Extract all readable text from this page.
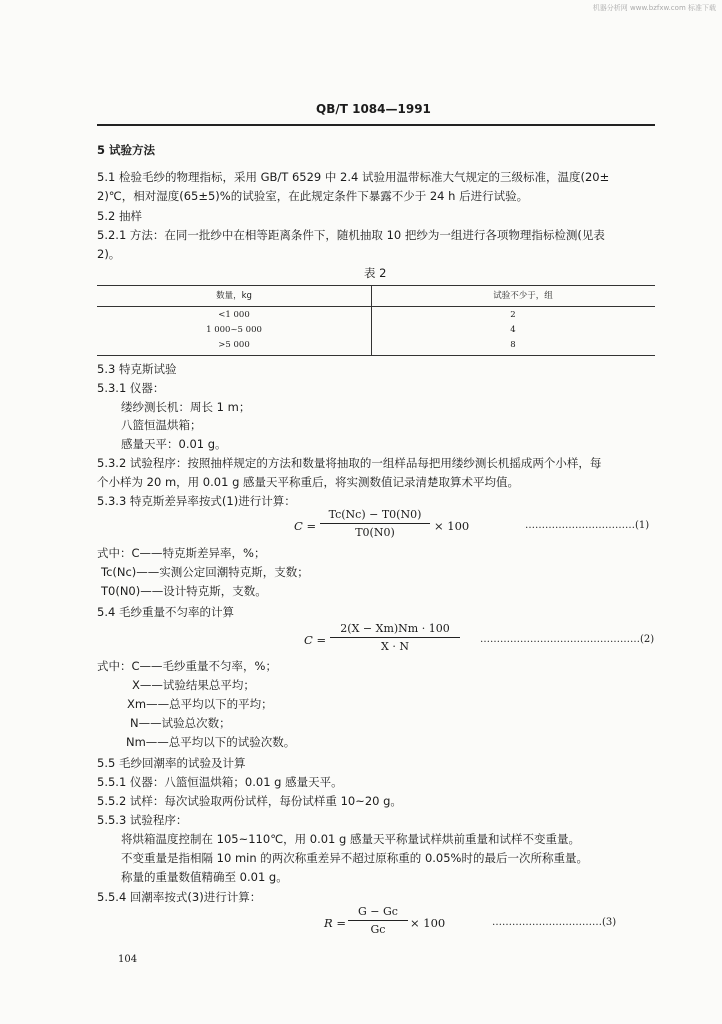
机器分析网 www.bzfxw.com 标准下载
QB/T 1084—1991
5 试验方法
5.1 检验毛纱的物理指标，采用 GB/T 6529 中 2.4 试验用温带标准大气规定的三级标准，温度(20±
2)℃，相对湿度(65±5)%的试验室，在此规定条件下暴露不少于 24 h 后进行试验。
5.2 抽样
5.2.1 方法：在同一批纱中在相等距离条件下，随机抽取 10 把纱为一组进行各项物理指标检测(见表
2)。
表 2
数量，kg	试验不少于，组
<1 000	2
1 000~5 000	4
>5 000	8
5.3 特克斯试验
5.3.1 仪器：
缕纱测长机：周长 1 m；
八篮恒温烘箱；
感量天平：0.01 g。
5.3.2 试验程序：按照抽样规定的方法和数量将抽取的一组样品每把用缕纱测长机摇成两个小样，每
个小样为 20 m，用 0.01 g 感量天平称重后，将实测数值记录清楚取算术平均值。
5.3.3 特克斯差异率按式(1)进行计算：
$C = \frac{Tc(Nc) - T0(N0)}{T0(N0)} \times 100$	……………………………(1)
式中：C——特克斯差异率，%；
Tc(Nc)——实测公定回潮特克斯，支数；
T0(N0)——设计特克斯，支数。
5.4 毛纱重量不匀率的计算
$C = \frac{2(X - Xm)Nm \cdot 100}{X \cdot N}$ …………………………………………(2)
式中：C——毛纱重量不匀率，%；
X——试验结果总平均；
Xm——总平均以下的平均；
N——试验总次数；
Nm——总平均以下的试验次数。
5.5 毛纱回潮率的试验及计算
5.5.1 仪器：八篮恒温烘箱；0.01 g 感量天平。
5.5.2 试样：每次试验取两份试样，每份试样重 10~20 g。
5.5.3 试验程序：
将烘箱温度控制在 105~110℃，用 0.01 g 感量天平称量试样烘前重量和试样不变重量。
不变重量是指相隔 10 min 的两次称重差异不超过原称重的 0.05%时的最后一次所称重量。
称量的重量数值精确至 0.01 g。
5.5.4 回潮率按式(3)进行计算：
$R = \frac{G - Gc}{Gc} \times 100$	……………………………(3)
104
